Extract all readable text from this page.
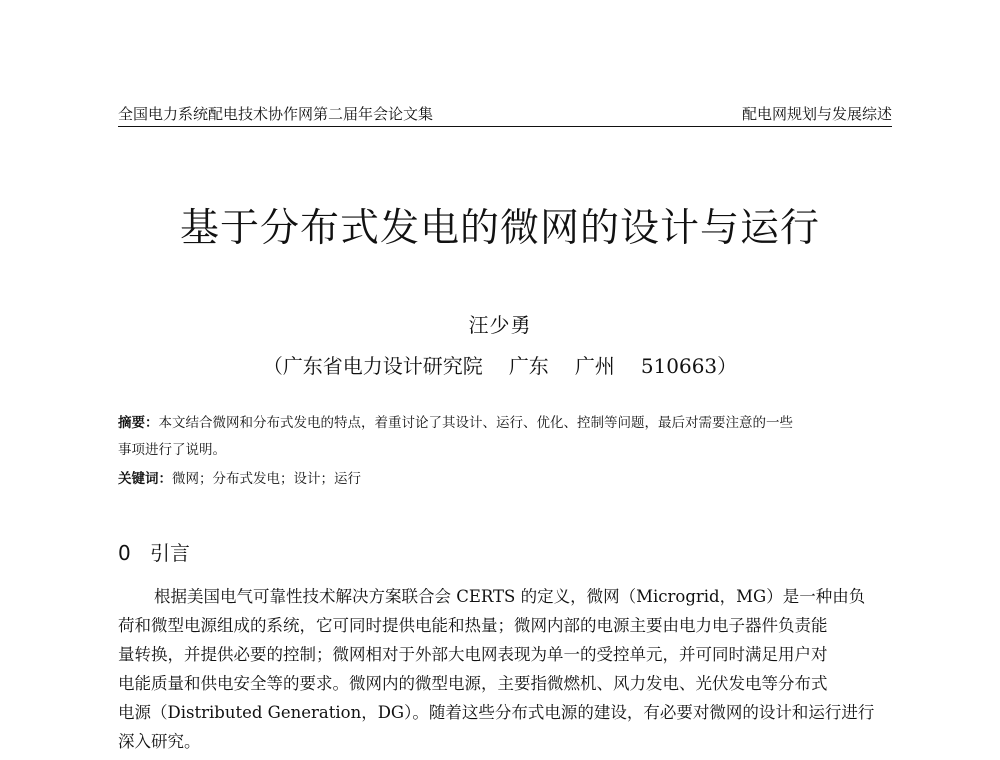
全国电力系统配电技术协作网第二届年会论文集	配电网规划与发展综述
基于分布式发电的微网的设计与运行
汪少勇
（广东省电力设计研究院 广东 广州 510663）
摘要：本文结合微网和分布式发电的特点，着重讨论了其设计、运行、优化、控制等问题，最后对需要注意的一些
事项进行了说明。
关键词：微网；分布式发电；设计；运行
0 引言
根据美国电气可靠性技术解决方案联合会 CERTS 的定义，微网（Microgrid，MG）是一种由负
荷和微型电源组成的系统，它可同时提供电能和热量；微网内部的电源主要由电力电子器件负责能
量转换，并提供必要的控制；微网相对于外部大电网表现为单一的受控单元，并可同时满足用户对
电能质量和供电安全等的要求。微网内的微型电源，主要指微燃机、风力发电、光伏发电等分布式
电源（Distributed Generation，DG）。随着这些分布式电源的建设，有必要对微网的设计和运行进行
深入研究。
